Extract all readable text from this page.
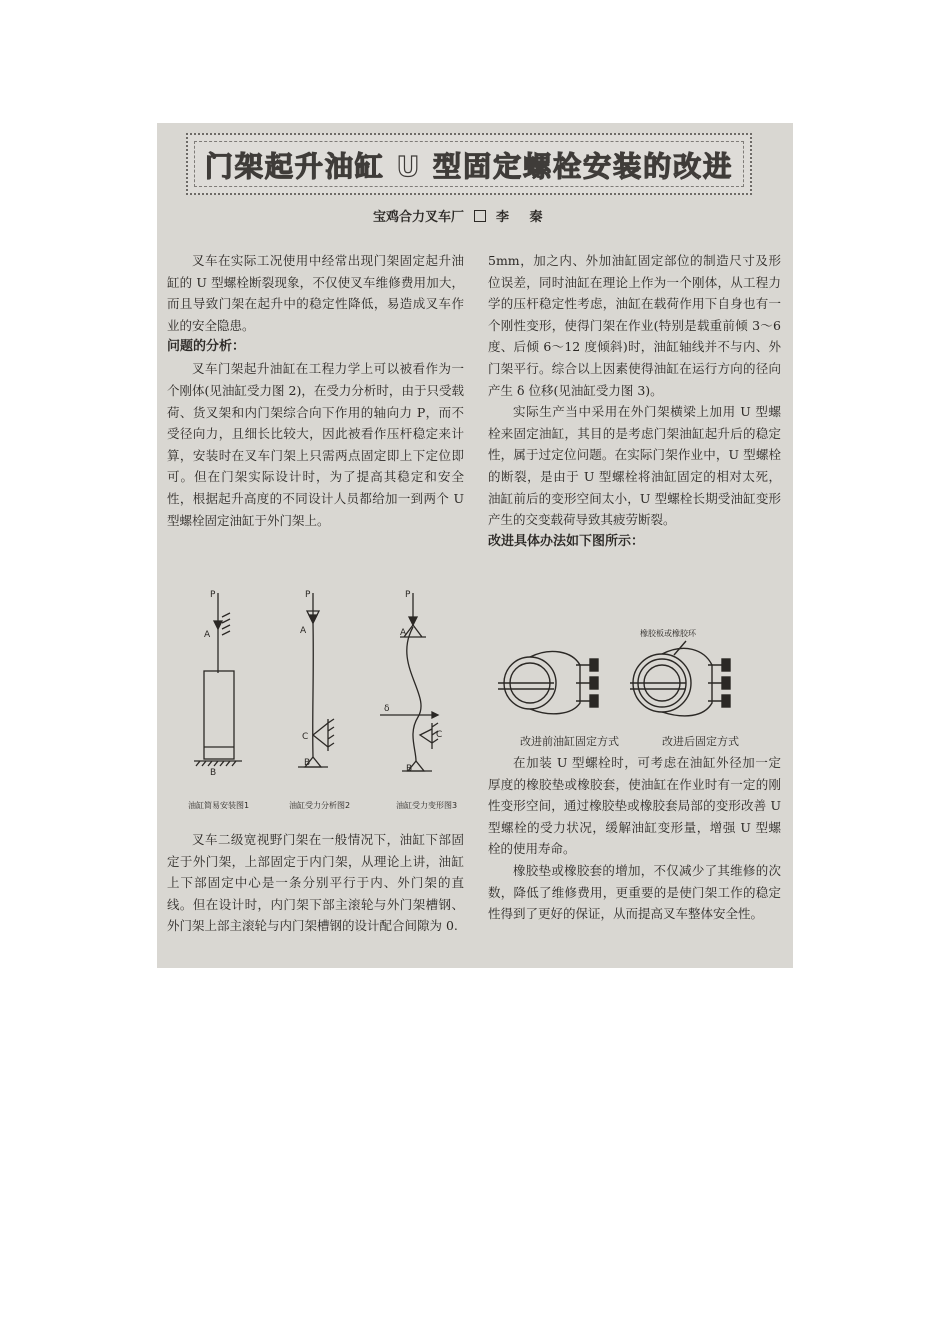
门架起升油缸 U 型固定螺栓安装的改进
宝鸡合力叉车厂 李 秦

叉车在实际工况使用中经常出现门架固定起升油缸的 U 型螺栓断裂现象，不仅使叉车维修费用加大，而且导致门架在起升中的稳定性降低，易造成叉车作业的安全隐患。

问题的分析：

叉车门架起升油缸在工程力学上可以被看作为一个刚体(见油缸受力图 2)，在受力分析时，由于只受载荷、货叉架和内门架综合向下作用的轴向力 P，而不受径向力，且细长比较大，因此被看作压杆稳定来计算，安装时在叉车门架上只需两点固定即上下定位即可。但在门架实际设计时，为了提高其稳定和安全性，根据起升高度的不同设计人员都给加一到两个 U 型螺栓固定油缸于外门架上。

P
A
B
P
A
C
B
P
A
δ
C
B
油缸简易安装图1	油缸受力分析图2	油缸受力变形图3

叉车二级宽视野门架在一般情况下，油缸下部固定于外门架，上部固定于内门架，从理论上讲，油缸上下部固定中心是一条分别平行于内、外门架的直线。但在设计时，内门架下部主滚轮与外门架槽钢、外门架上部主滚轮与内门架槽钢的设计配合间隙为 0.

5mm，加之内、外加油缸固定部位的制造尺寸及形位误差，同时油缸在理论上作为一个刚体，从工程力学的压杆稳定性考虑，油缸在载荷作用下自身也有一个刚性变形，使得门架在作业(特别是载重前倾 3～6 度、后倾 6～12 度倾斜)时，油缸轴线并不与内、外门架平行。综合以上因素使得油缸在运行方向的径向产生 δ 位移(见油缸受力图 3)。

实际生产当中采用在外门架横梁上加用 U 型螺栓来固定油缸，其目的是考虑门架油缸起升后的稳定性，属于过定位问题。在实际门架作业中，U 型螺栓的断裂，是由于 U 型螺栓将油缸固定的相对太死，油缸前后的变形空间太小，U 型螺栓长期受油缸变形产生的交变载荷导致其疲劳断裂。

改进具体办法如下图所示：
橡胶板或橡胶环
改进前油缸固定方式	改进后固定方式

在加装 U 型螺栓时，可考虑在油缸外径加一定厚度的橡胶垫或橡胶套，使油缸在作业时有一定的刚性变形空间，通过橡胶垫或橡胶套局部的变形改善 U 型螺栓的受力状况，缓解油缸变形量，增强 U 型螺栓的使用寿命。

橡胶垫或橡胶套的增加，不仅减少了其维修的次数，降低了维修费用，更重要的是使门架工作的稳定性得到了更好的保证，从而提高叉车整体安全性。
